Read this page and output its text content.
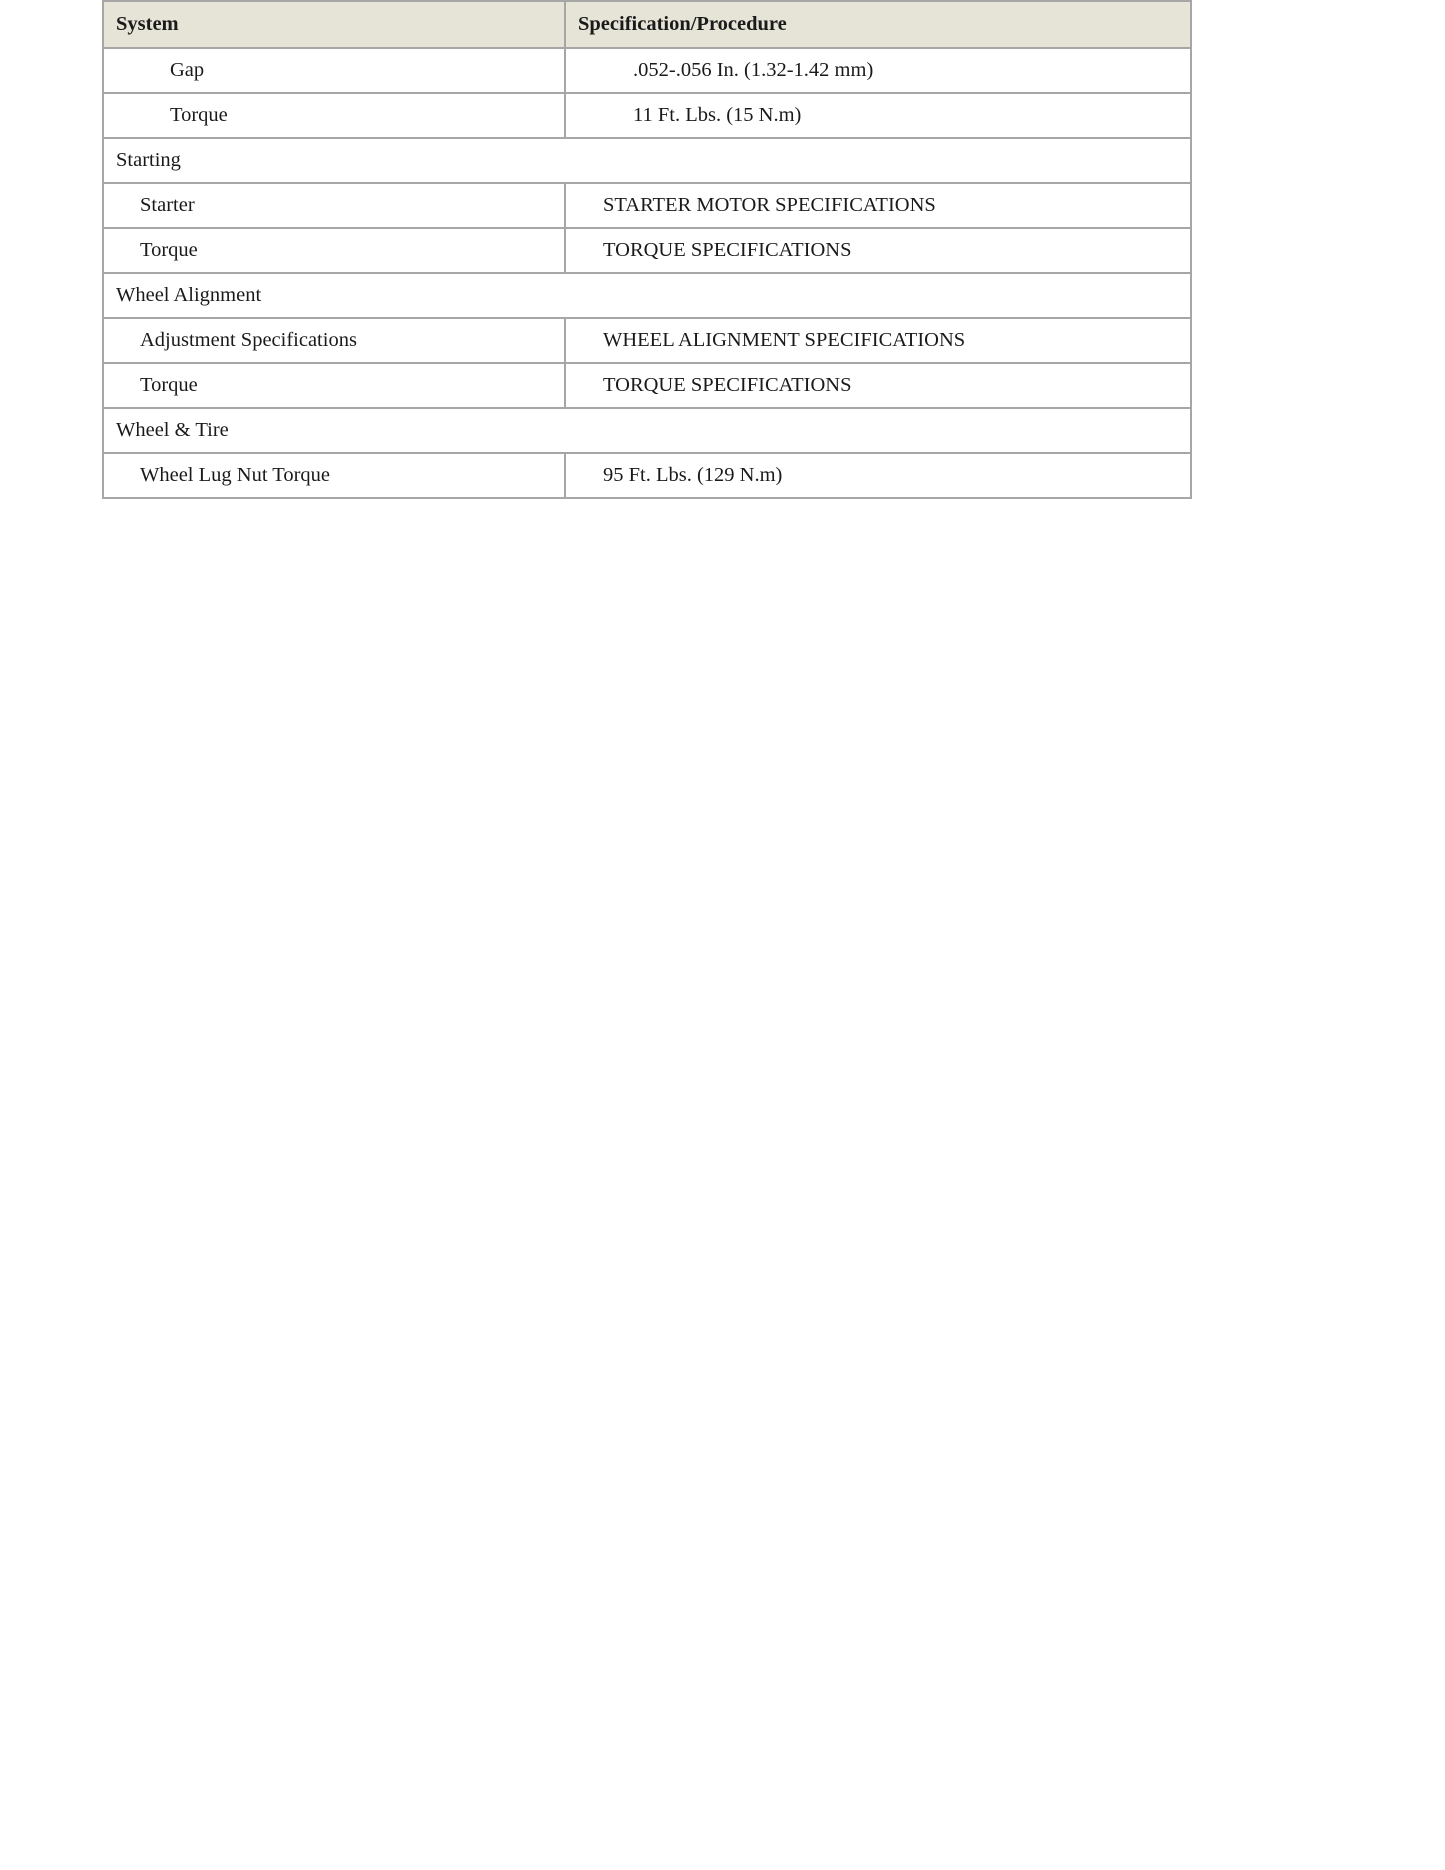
System	Specification/Procedure
Gap	.052-.056 In. (1.32-1.42 mm)
Torque	11 Ft. Lbs. (15 N.m)
Starting	
Starter	STARTER MOTOR SPECIFICATIONS
Torque	TORQUE SPECIFICATIONS
Wheel Alignment	
Adjustment Specifications	WHEEL ALIGNMENT SPECIFICATIONS
Torque	TORQUE SPECIFICATIONS
Wheel & Tire	
Wheel Lug Nut Torque	95 Ft. Lbs. (129 N.m)
